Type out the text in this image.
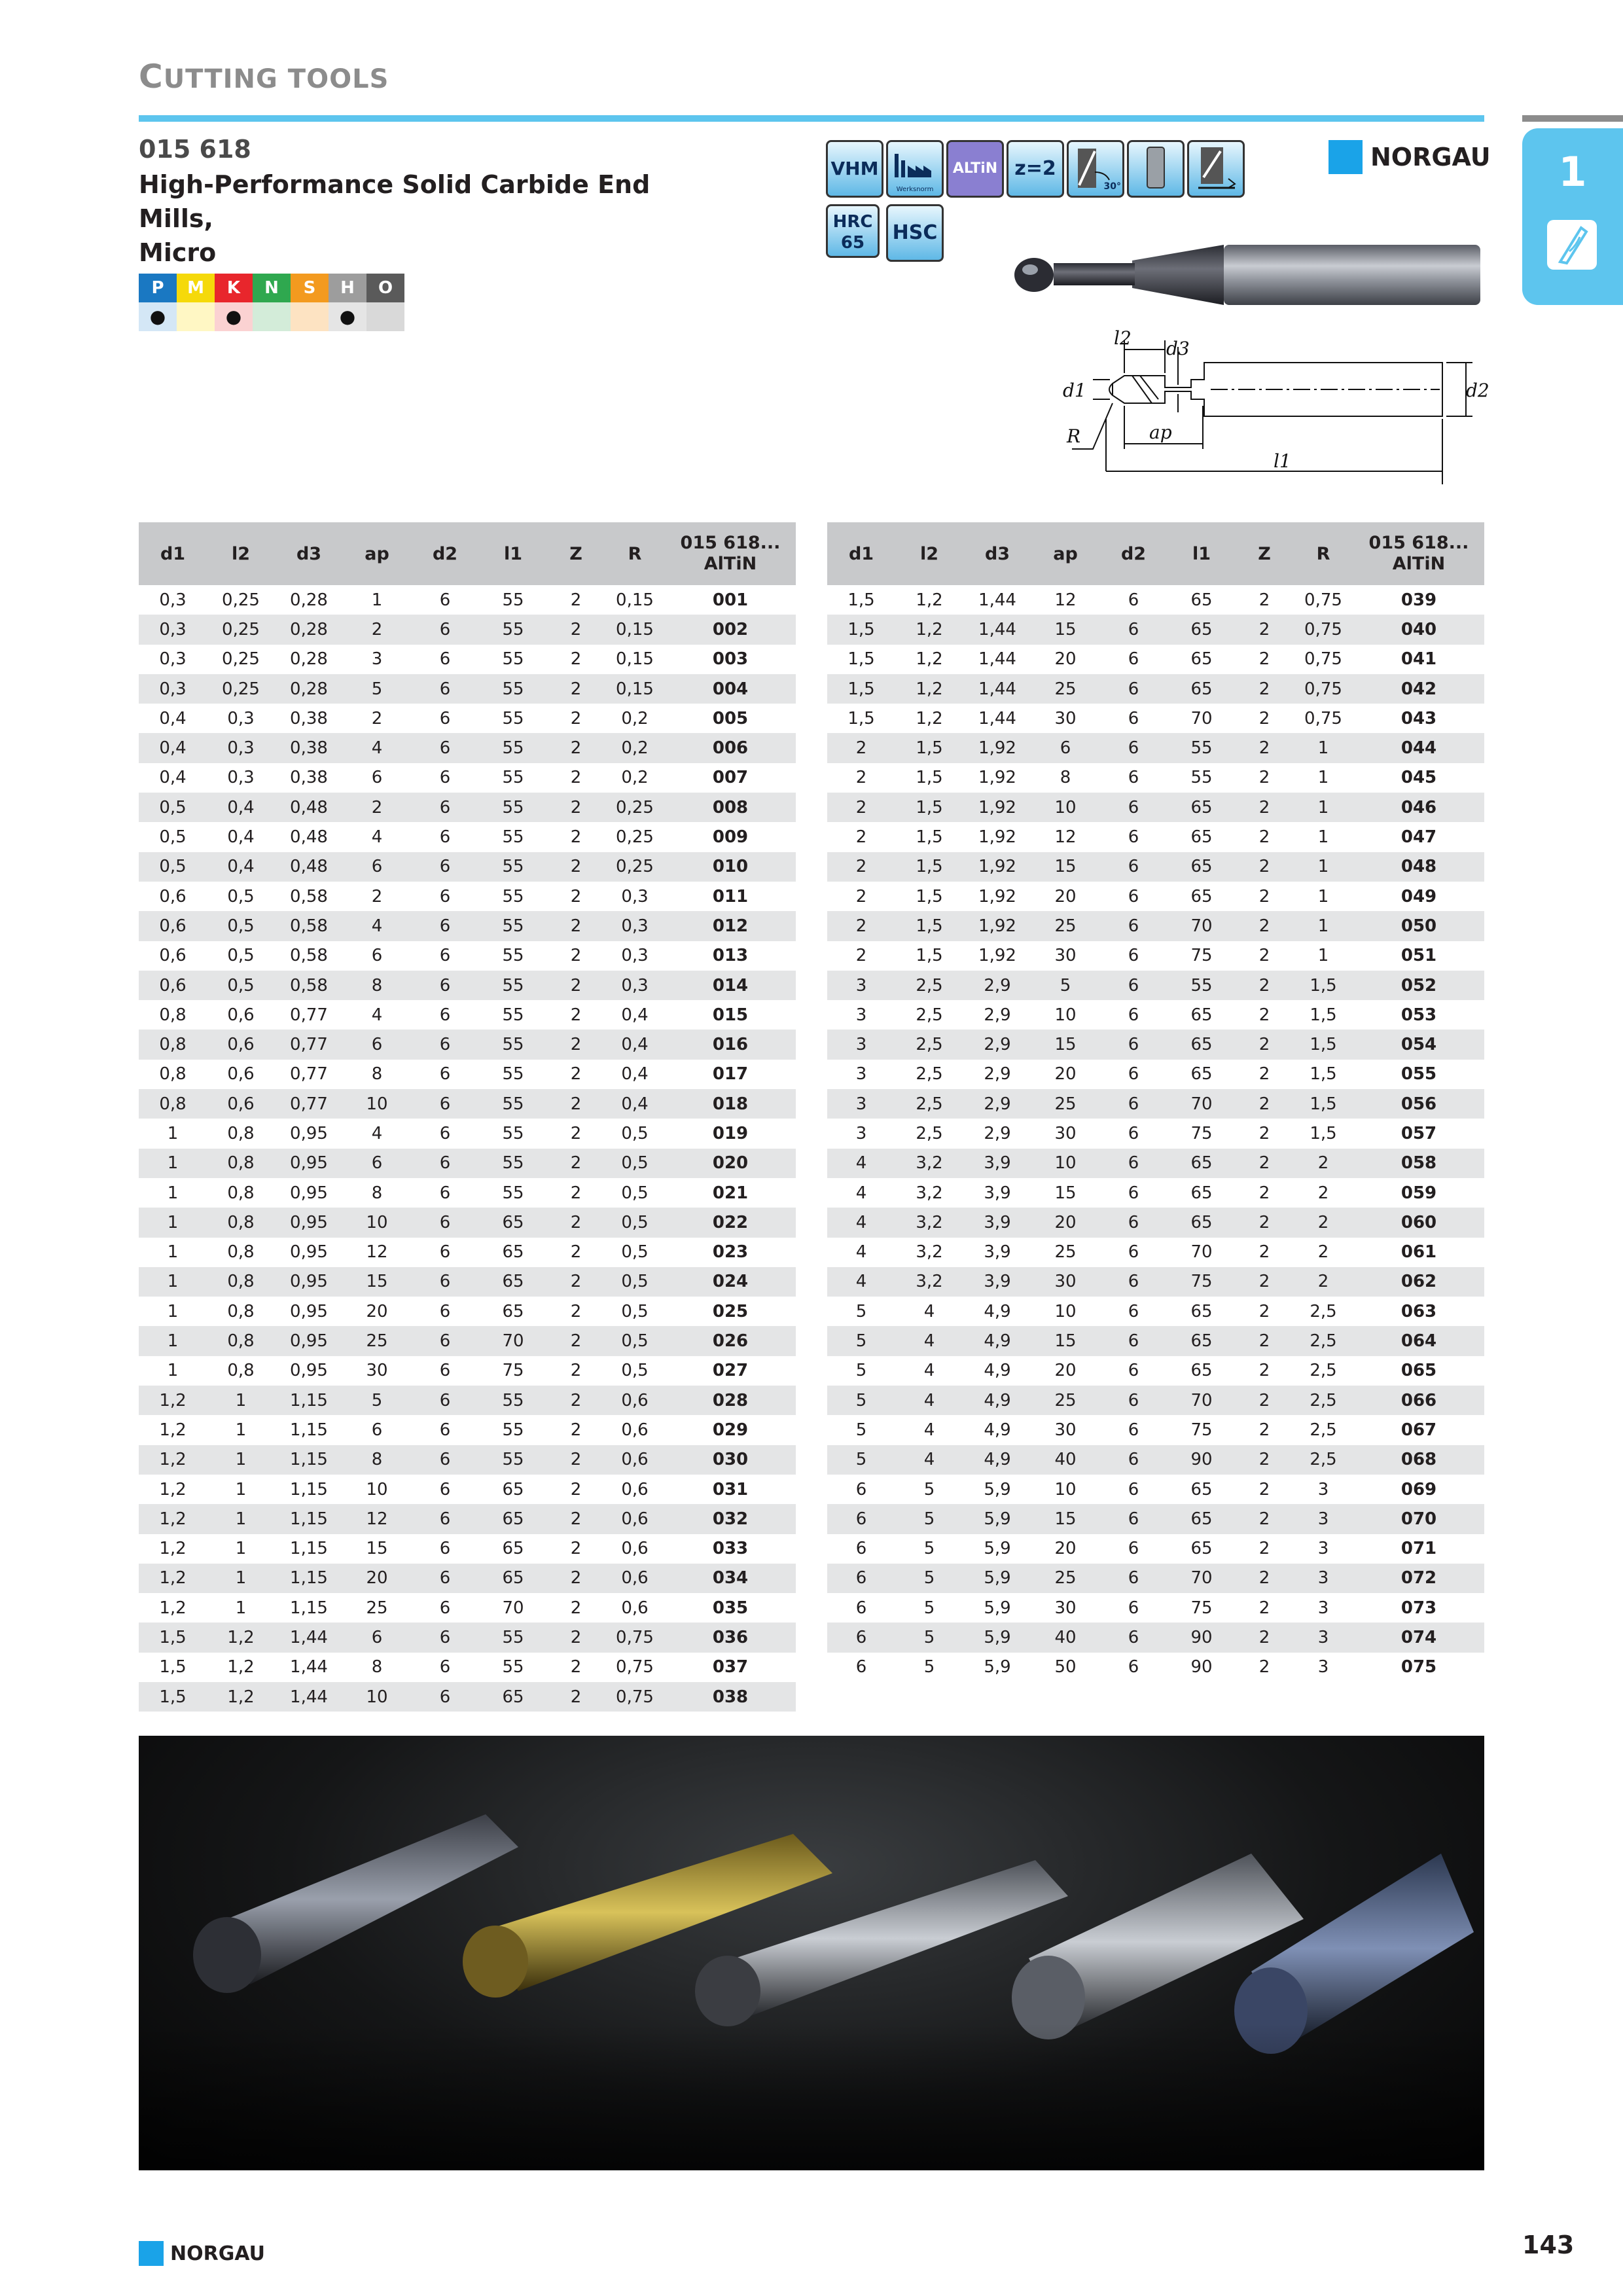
CUTTING TOOLS
1
015 618
High-Performance Solid Carbide End Mills,
Micro
P
●
M	K
●
N	S	H
●
O
VHM
Werksnorm
ALTiN z=2
30°
HRC
65	HSC
NORGAU
l2 d3
d1	d2
R	ap
l1
d1	l2	d3	ap	d2	l1	Z	R	015 618...
AlTiN

0,3	0,25	0,28	1	6	55	2	0,15	001
0,3	0,25	0,28	2	6	55	2	0,15	002
0,3	0,25	0,28	3	6	55	2	0,15	003
0,3	0,25	0,28	5	6	55	2	0,15	004
0,4	0,3	0,38	2	6	55	2	0,2	005
0,4	0,3	0,38	4	6	55	2	0,2	006
0,4	0,3	0,38	6	6	55	2	0,2	007
0,5	0,4	0,48	2	6	55	2	0,25	008
0,5	0,4	0,48	4	6	55	2	0,25	009
0,5	0,4	0,48	6	6	55	2	0,25	010
0,6	0,5	0,58	2	6	55	2	0,3	011
0,6	0,5	0,58	4	6	55	2	0,3	012
0,6	0,5	0,58	6	6	55	2	0,3	013
0,6	0,5	0,58	8	6	55	2	0,3	014
0,8	0,6	0,77	4	6	55	2	0,4	015
0,8	0,6	0,77	6	6	55	2	0,4	016
0,8	0,6	0,77	8	6	55	2	0,4	017
0,8	0,6	0,77	10	6	55	2	0,4	018
1	0,8	0,95	4	6	55	2	0,5	019
1	0,8	0,95	6	6	55	2	0,5	020
1	0,8	0,95	8	6	55	2	0,5	021
1	0,8	0,95	10	6	65	2	0,5	022
1	0,8	0,95	12	6	65	2	0,5	023
1	0,8	0,95	15	6	65	2	0,5	024
1	0,8	0,95	20	6	65	2	0,5	025
1	0,8	0,95	25	6	70	2	0,5	026
1	0,8	0,95	30	6	75	2	0,5	027
1,2	1	1,15	5	6	55	2	0,6	028
1,2	1	1,15	6	6	55	2	0,6	029
1,2	1	1,15	8	6	55	2	0,6	030
1,2	1	1,15	10	6	65	2	0,6	031
1,2	1	1,15	12	6	65	2	0,6	032
1,2	1	1,15	15	6	65	2	0,6	033
1,2	1	1,15	20	6	65	2	0,6	034
1,2	1	1,15	25	6	70	2	0,6	035
1,5	1,2	1,44	6	6	55	2	0,75	036
1,5	1,2	1,44	8	6	55	2	0,75	037
1,5	1,2	1,44	10	6	65	2	0,75	038
d1	l2	d3	ap	d2	l1	Z	R	015 618...
AlTiN

1,5	1,2	1,44	12	6	65	2	0,75	039
1,5	1,2	1,44	15	6	65	2	0,75	040
1,5	1,2	1,44	20	6	65	2	0,75	041
1,5	1,2	1,44	25	6	65	2	0,75	042
1,5	1,2	1,44	30	6	70	2	0,75	043
2	1,5	1,92	6	6	55	2	1	044
2	1,5	1,92	8	6	55	2	1	045
2	1,5	1,92	10	6	65	2	1	046
2	1,5	1,92	12	6	65	2	1	047
2	1,5	1,92	15	6	65	2	1	048
2	1,5	1,92	20	6	65	2	1	049
2	1,5	1,92	25	6	70	2	1	050
2	1,5	1,92	30	6	75	2	1	051
3	2,5	2,9	5	6	55	2	1,5	052
3	2,5	2,9	10	6	65	2	1,5	053
3	2,5	2,9	15	6	65	2	1,5	054
3	2,5	2,9	20	6	65	2	1,5	055
3	2,5	2,9	25	6	70	2	1,5	056
3	2,5	2,9	30	6	75	2	1,5	057
4	3,2	3,9	10	6	65	2	2	058
4	3,2	3,9	15	6	65	2	2	059
4	3,2	3,9	20	6	65	2	2	060
4	3,2	3,9	25	6	70	2	2	061
4	3,2	3,9	30	6	75	2	2	062
5	4	4,9	10	6	65	2	2,5	063
5	4	4,9	15	6	65	2	2,5	064
5	4	4,9	20	6	65	2	2,5	065
5	4	4,9	25	6	70	2	2,5	066
5	4	4,9	30	6	75	2	2,5	067
5	4	4,9	40	6	90	2	2,5	068
6	5	5,9	10	6	65	2	3	069
6	5	5,9	15	6	65	2	3	070
6	5	5,9	20	6	65	2	3	071
6	5	5,9	25	6	70	2	3	072
6	5	5,9	30	6	75	2	3	073
6	5	5,9	40	6	90	2	3	074
6	5	5,9	50	6	90	2	3	075
NORGAU	143
